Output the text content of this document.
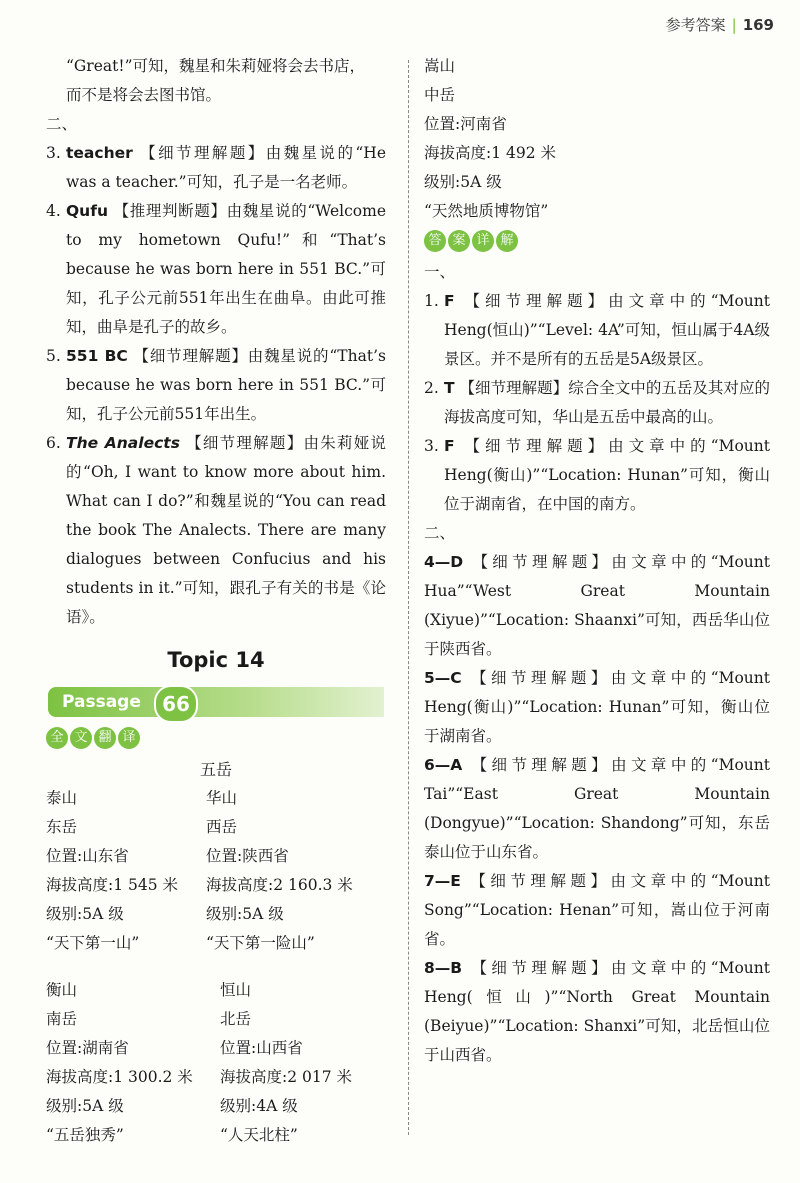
参考答案 | 169

“Great!”可知，魏星和朱莉娅将会去书店，

而不是将会去图书馆。

二、

3. teacher 【细节理解题】由魏星说的“He was a teacher.”可知，孔子是一名老师。
4. Qufu 【推理判断题】由魏星说的“Welcome to my hometown Qufu!”和“That’s because he was born here in 551 BC.”可知，孔子公元前551年出生在曲阜。由此可推知，曲阜是孔子的故乡。
5. 551 BC 【细节理解题】由魏星说的“That’s because he was born here in 551 BC.”可知，孔子公元前551年出生。
6. The Analects 【细节理解题】由朱莉娅说的“Oh, I want to know more about him. What can I do?”和魏星说的“You can read the book The Analects. There are many dialogues between Confucius and his students in it.”可知，跟孔子有关的书是《论语》。
Topic 14
Passage	66
全 文 翻 译
五岳
泰山	华山
东岳	西岳
位置:山东省	位置:陕西省
海拔高度:1 545 米	海拔高度:2 160.3 米
级别:5A 级	级别:5A 级
“天下第一山”	“天下第一险山”
衡山	恒山
南岳	北岳
位置:湖南省	位置:山西省
海拔高度:1 300.2 米	海拔高度:2 017 米
级别:5A 级	级别:4A 级
“五岳独秀”	“人天北柱”
嵩山
中岳
位置:河南省
海拔高度:1 492 米
级别:5A 级
“天然地质博物馆”
答 案 详 解

一、

1. F 【细节理解题】由文章中的“Mount Heng(恒山)”“Level: 4A”可知，恒山属于4A级景区。并不是所有的五岳是5A级景区。
2. T 【细节理解题】综合全文中的五岳及其对应的海拔高度可知，华山是五岳中最高的山。
3. F 【细节理解题】由文章中的“Mount Heng(衡山)”“Location: Hunan”可知，衡山位于湖南省，在中国的南方。

二、

4—D 【细节理解题】由文章中的“Mount Hua”“West Great Mountain (Xiyue)”“Location: Shaanxi”可知，西岳华山位于陕西省。

5—C 【细节理解题】由文章中的“Mount Heng(衡山)”“Location: Hunan”可知，衡山位于湖南省。

6—A 【细节理解题】由文章中的“Mount Tai”“East Great Mountain (Dongyue)”“Location: Shandong”可知，东岳泰山位于山东省。

7—E 【细节理解题】由文章中的“Mount Song”“Location: Henan”可知，嵩山位于河南省。

8—B 【细节理解题】由文章中的“Mount Heng(恒山)”“North Great Mountain (Beiyue)”“Location: Shanxi”可知，北岳恒山位于山西省。
